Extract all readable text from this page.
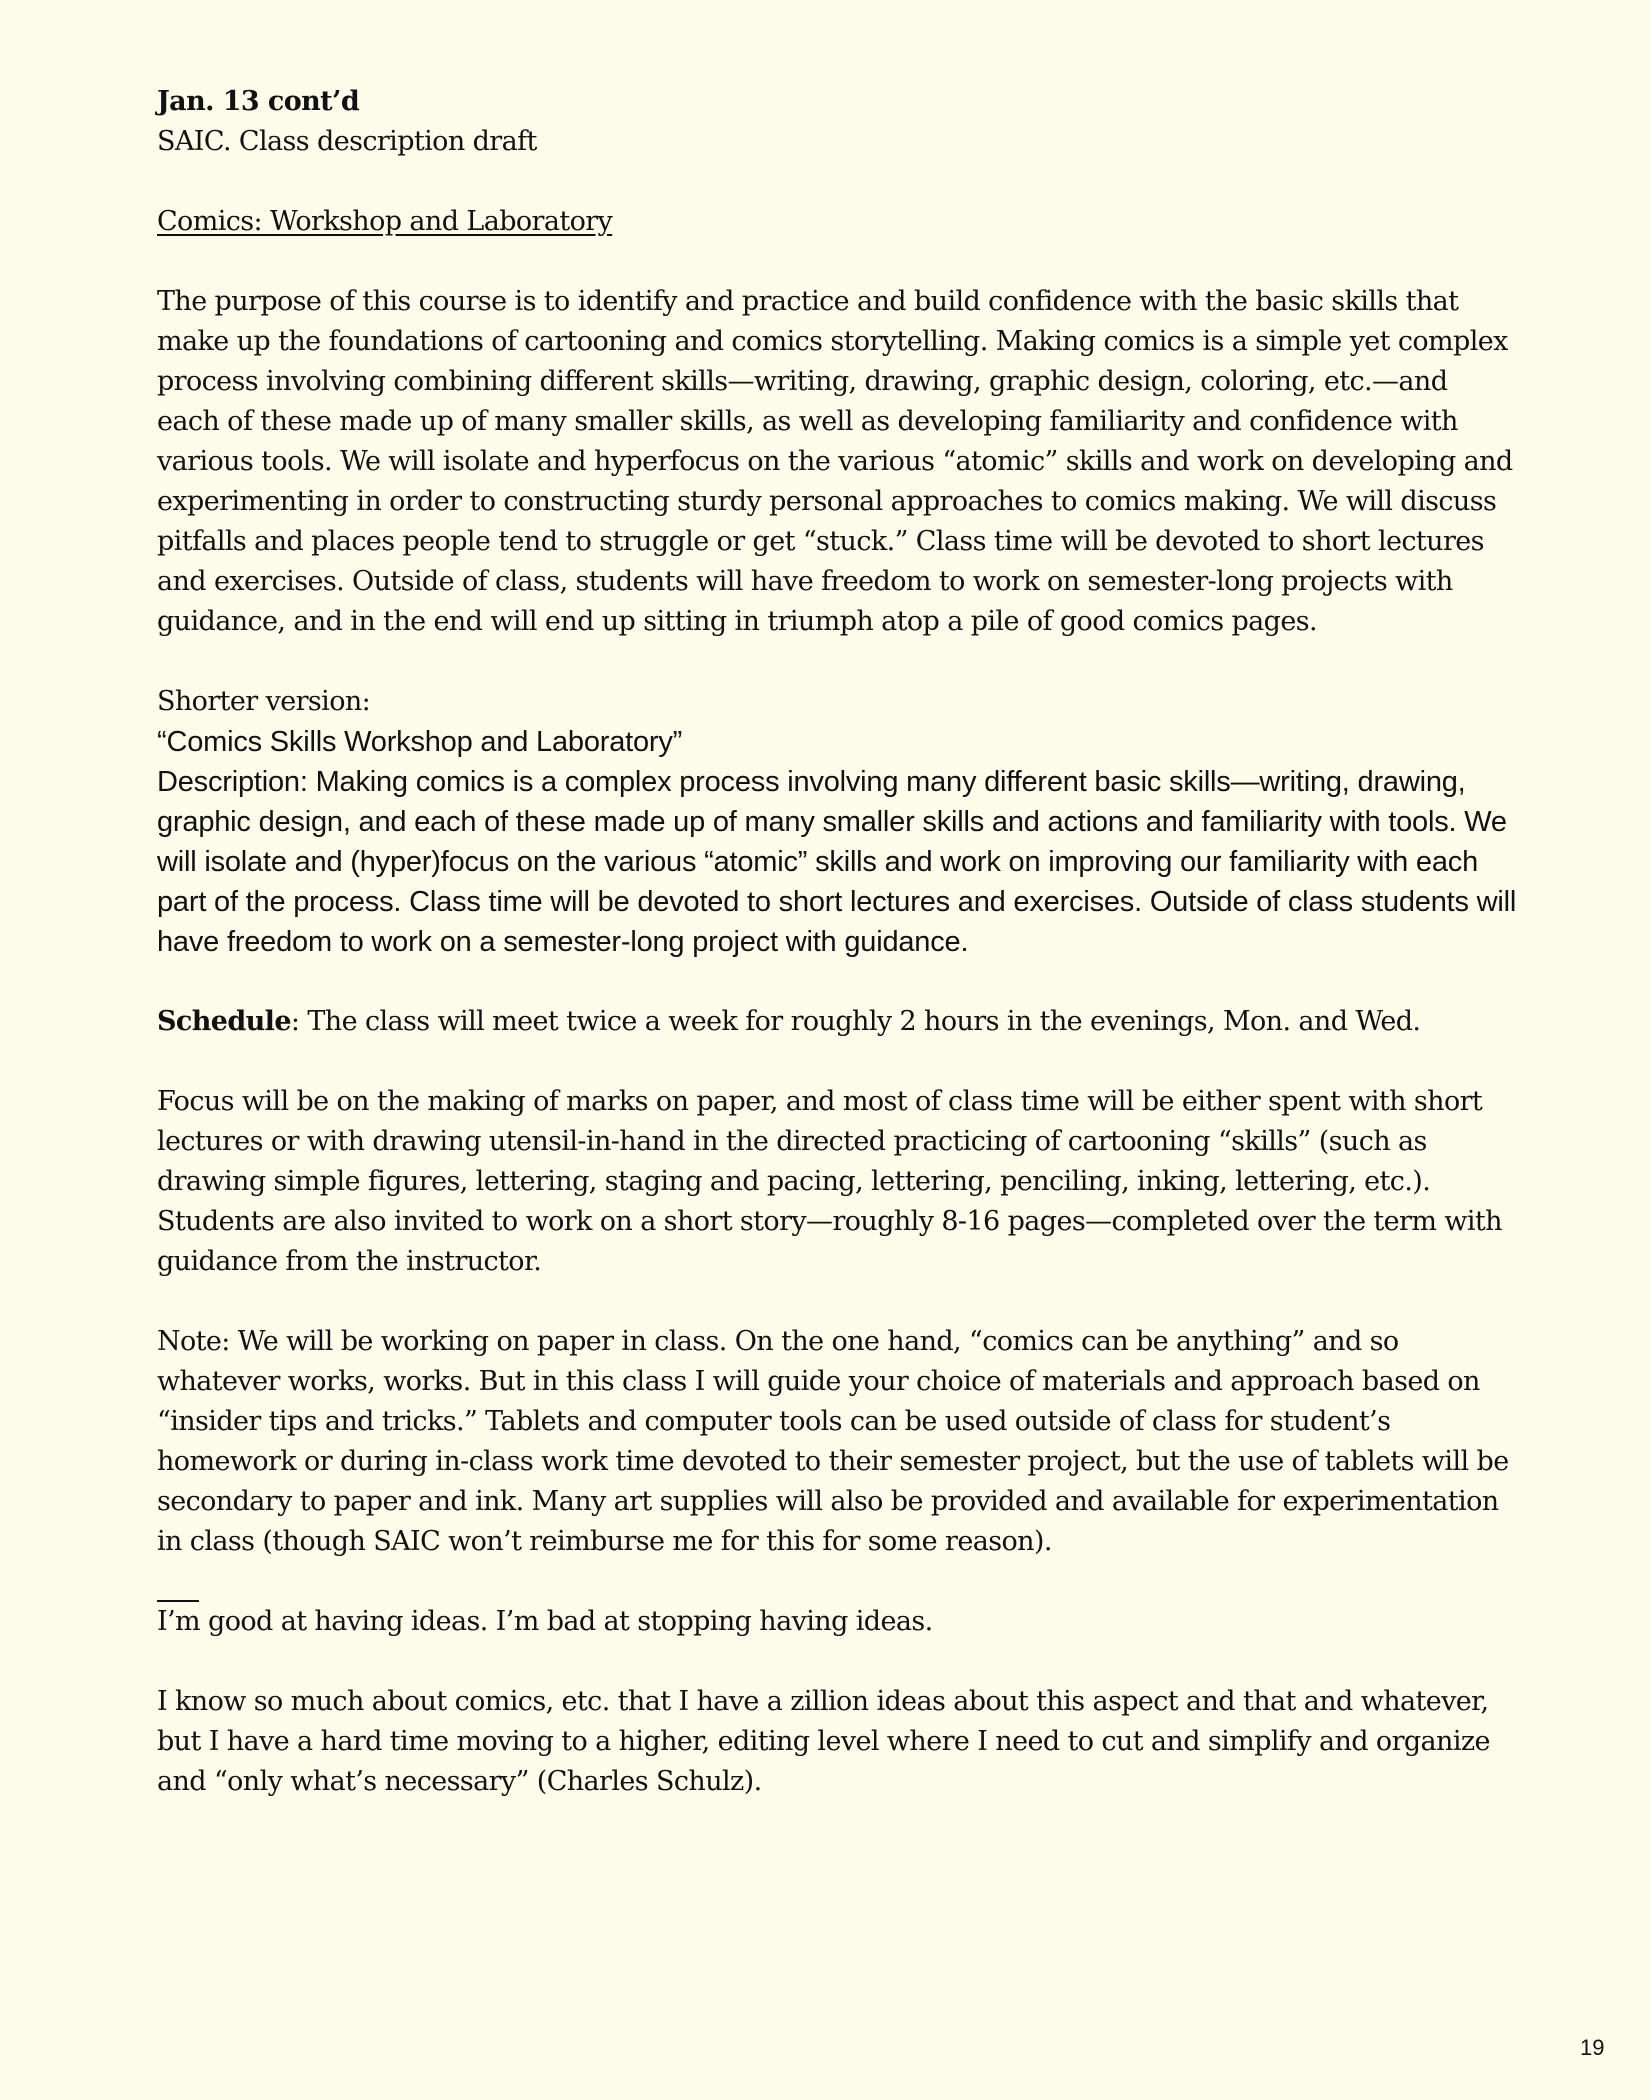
Jan. 13 cont’d

SAIC. Class description draft

Comics: Workshop and Laboratory

The purpose of this course is to identify and practice and build confidence with the basic skills that make up the foundations of cartooning and comics storytelling. Making comics is a simple yet complex process involving combining different skills—writing, drawing, graphic design, coloring, etc.—and each of these made up of many smaller skills, as well as developing familiarity and confidence with various tools. We will isolate and hyperfocus on the various “atomic” skills and work on developing and experimenting in order to constructing sturdy personal approaches to comics making. We will discuss pitfalls and places people tend to struggle or get “stuck.” Class time will be devoted to short lectures and exercises. Outside of class, students will have freedom to work on semester-long projects with guidance, and in the end will end up sitting in triumph atop a pile of good comics pages.

Shorter version:

“Comics Skills Workshop and Laboratory”

Description: Making comics is a complex process involving many different basic skills—writing, drawing, graphic design, and each of these made up of many smaller skills and actions and familiarity with tools. We will isolate and (hyper)focus on the various “atomic” skills and work on improving our familiarity with each part of the process. Class time will be devoted to short lectures and exercises. Outside of class students will have freedom to work on a semester-long project with guidance.

Schedule: The class will meet twice a week for roughly 2 hours in the evenings, Mon. and Wed.

Focus will be on the making of marks on paper, and most of class time will be either spent with short lectures or with drawing utensil-in-hand in the directed practicing of cartooning “skills” (such as drawing simple figures, lettering, staging and pacing, lettering, penciling, inking, lettering, etc.). Students are also invited to work on a short story—roughly 8-16 pages—completed over the term with guidance from the instructor.

Note: We will be working on paper in class. On the one hand, “comics can be anything” and so whatever works, works. But in this class I will guide your choice of materials and approach based on “insider tips and tricks.” Tablets and computer tools can be used outside of class for student’s homework or during in-class work time devoted to their semester project, but the use of tablets will be secondary to paper and ink. Many art supplies will also be provided and available for experimentation in class (though SAIC won’t reimburse me for this for some reason).

I’m good at having ideas. I’m bad at stopping having ideas.

I know so much about comics, etc. that I have a zillion ideas about this aspect and that and whatever, but I have a hard time moving to a higher, editing level where I need to cut and simplify and organize and “only what’s necessary” (Charles Schulz).

19
